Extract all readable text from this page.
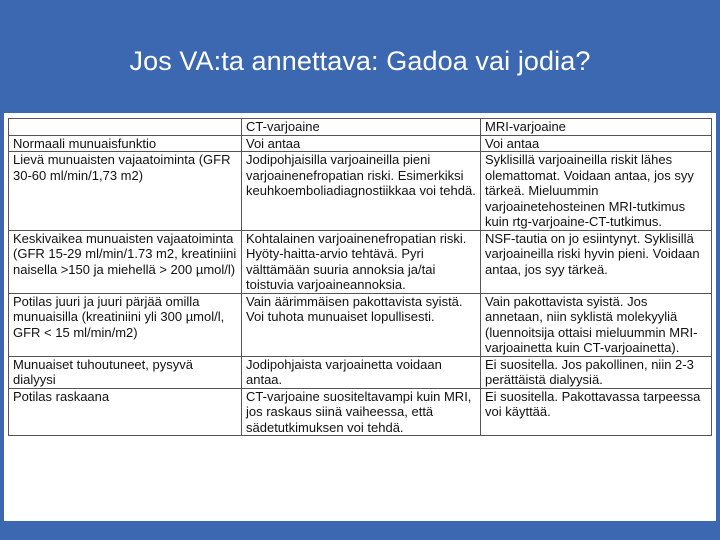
Jos VA:ta annettava: Gadoa vai jodia?
	CT-varjoaine	MRI-varjoaine
Normaali munuaisfunktio	Voi antaa	Voi antaa
Lievä munuaisten vajaatoiminta (GFR 30-60 ml/min/1,73 m2)	Jodipohjaisilla varjoaineilla pieni varjoainenefropatian riski. Esimerkiksi keuhkoemboliadiagnostiikkaa voi tehdä.	Syklisillä varjoaineilla riskit lähes olemattomat. Voidaan antaa, jos syy tärkeä. Mieluummin varjoainetehosteinen MRI-tutkimus kuin rtg-varjoaine-CT-tutkimus.
Keskivaikea munuaisten vajaatoiminta (GFR 15-29 ml/min/1.73 m2, kreatiniini naisella >150 ja miehellä > 200 µmol/l)	Kohtalainen varjoainenefropatian riski. Hyöty-haitta-arvio tehtävä. Pyri välttämään suuria annoksia ja/tai toistuvia varjoaineannoksia.	NSF-tautia on jo esiintynyt. Syklisillä varjoaineilla riski hyvin pieni. Voidaan antaa, jos syy tärkeä.
Potilas juuri ja juuri pärjää omilla munuaisilla (kreatiniini yli 300 µmol/l, GFR < 15 ml/min/m2)	Vain äärimmäisen pakottavista syistä. Voi tuhota munuaiset lopullisesti.	Vain pakottavista syistä. Jos annetaan, niin syklistä molekyyliä (luennoitsija ottaisi mieluummin MRI-varjoainetta kuin CT-varjoainetta).
Munuaiset tuhoutuneet, pysyvä dialyysi	Jodipohjaista varjoainetta voidaan antaa.	Ei suositella. Jos pakollinen, niin 2-3 perättäistä dialyysiä.
Potilas raskaana	CT-varjoaine suositeltavampi kuin MRI, jos raskaus siinä vaiheessa, että sädetutkimuksen voi tehdä.	Ei suositella. Pakottavassa tarpeessa voi käyttää.
